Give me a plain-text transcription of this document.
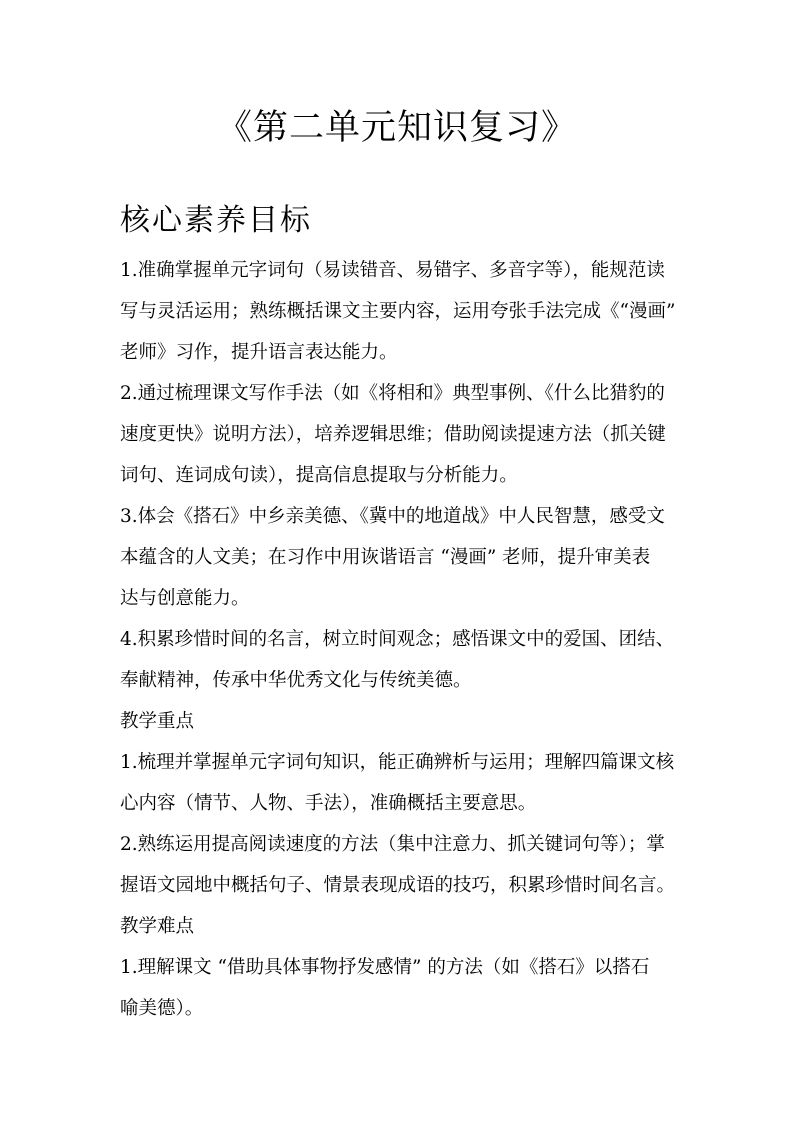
《第二单元知识复习》
核心素养目标
1.准确掌握单元字词句（易读错音、易错字、多音字等），能规范读
写与灵活运用；熟练概括课文主要内容，运用夸张手法完成《“漫画”
老师》习作，提升语言表达能力。
2.通过梳理课文写作手法（如《将相和》典型事例、《什么比猎豹的
速度更快》说明方法），培养逻辑思维；借助阅读提速方法（抓关键
词句、连词成句读），提高信息提取与分析能力。
3.体会《搭石》中乡亲美德、《冀中的地道战》中人民智慧，感受文
本蕴含的人文美；在习作中用诙谐语言 “漫画” 老师，提升审美表
达与创意能力。
4.积累珍惜时间的名言，树立时间观念；感悟课文中的爱国、团结、
奉献精神，传承中华优秀文化与传统美德。
教学重点
1.梳理并掌握单元字词句知识，能正确辨析与运用；理解四篇课文核
心内容（情节、人物、手法），准确概括主要意思。
2.熟练运用提高阅读速度的方法（集中注意力、抓关键词句等）；掌
握语文园地中概括句子、情景表现成语的技巧，积累珍惜时间名言。
教学难点
1.理解课文 “借助具体事物抒发感情” 的方法（如《搭石》以搭石
喻美德）。
